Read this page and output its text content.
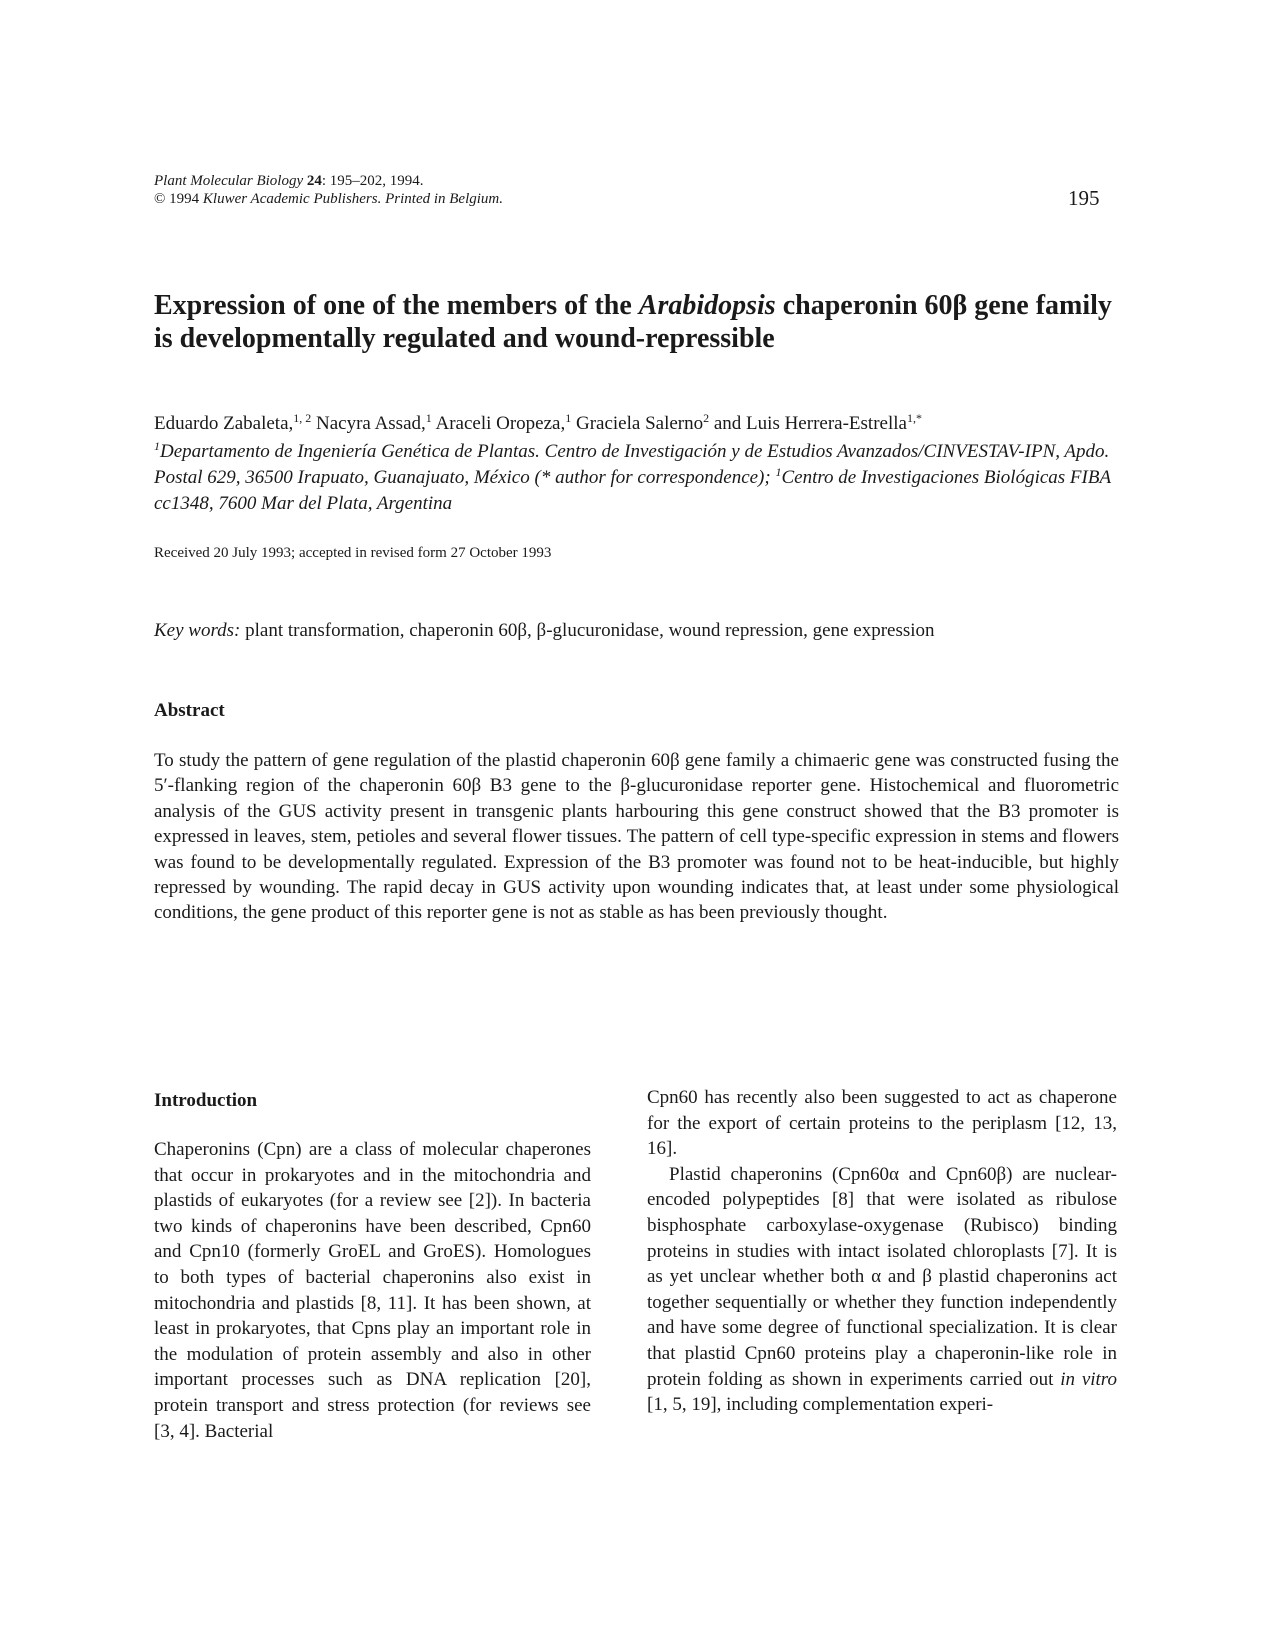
Plant Molecular Biology 24: 195–202, 1994.
© 1994 Kluwer Academic Publishers. Printed in Belgium.	195
Expression of one of the members of the Arabidopsis chaperonin 60β gene family is developmentally regulated and wound-repressible
Eduardo Zabaleta,$^{1, 2}$ Nacyra Assad,$^1$ Araceli Oropeza,$^1$ Graciela Salerno$^2$ and Luis Herrera-Estrella$^{1,*}$
$^1$Departamento de Ingeniería Genética de Plantas. Centro de Investigación y de Estudios Avanzados/CINVESTAV-IPN, Apdo. Postal 629, 36500 Irapuato, Guanajuato, México (* author for correspondence); $^1$Centro de Investigaciones Biológicas FIBA cc1348, 7600 Mar del Plata, Argentina
Received 20 July 1993; accepted in revised form 27 October 1993
Key words: plant transformation, chaperonin 60β, β-glucuronidase, wound repression, gene expression
Abstract
To study the pattern of gene regulation of the plastid chaperonin 60β gene family a chimaeric gene was constructed fusing the 5′-flanking region of the chaperonin 60β B3 gene to the β-glucuronidase reporter gene. Histochemical and fluorometric analysis of the GUS activity present in transgenic plants harbouring this gene construct showed that the B3 promoter is expressed in leaves, stem, petioles and several flower tissues. The pattern of cell type-specific expression in stems and flowers was found to be developmentally regulated. Expression of the B3 promoter was found not to be heat-inducible, but highly repressed by wounding. The rapid decay in GUS activity upon wounding indicates that, at least under some physiological conditions, the gene product of this reporter gene is not as stable as has been previously thought.
Introduction
Chaperonins (Cpn) are a class of molecular chaperones that occur in prokaryotes and in the mitochondria and plastids of eukaryotes (for a review see [2]). In bacteria two kinds of chaperonins have been described, Cpn60 and Cpn10 (formerly GroEL and GroES). Homologues to both types of bacterial chaperonins also exist in mitochondria and plastids [8, 11]. It has been shown, at least in prokaryotes, that Cpns play an important role in the modulation of protein assembly and also in other important processes such as DNA replication [20], protein transport and stress protection (for reviews see [3, 4]. Bacterial

Cpn60 has recently also been suggested to act as chaperone for the export of certain proteins to the periplasm [12, 13, 16].

Plastid chaperonins (Cpn60α and Cpn60β) are nuclear-encoded polypeptides [8] that were isolated as ribulose bisphosphate carboxylase-oxygenase (Rubisco) binding proteins in studies with intact isolated chloroplasts [7]. It is as yet unclear whether both α and β plastid chaperonins act together sequentially or whether they function independently and have some degree of functional specialization. It is clear that plastid Cpn60 proteins play a chaperonin-like role in protein folding as shown in experiments carried out in vitro [1, 5, 19], including complementation experi-
